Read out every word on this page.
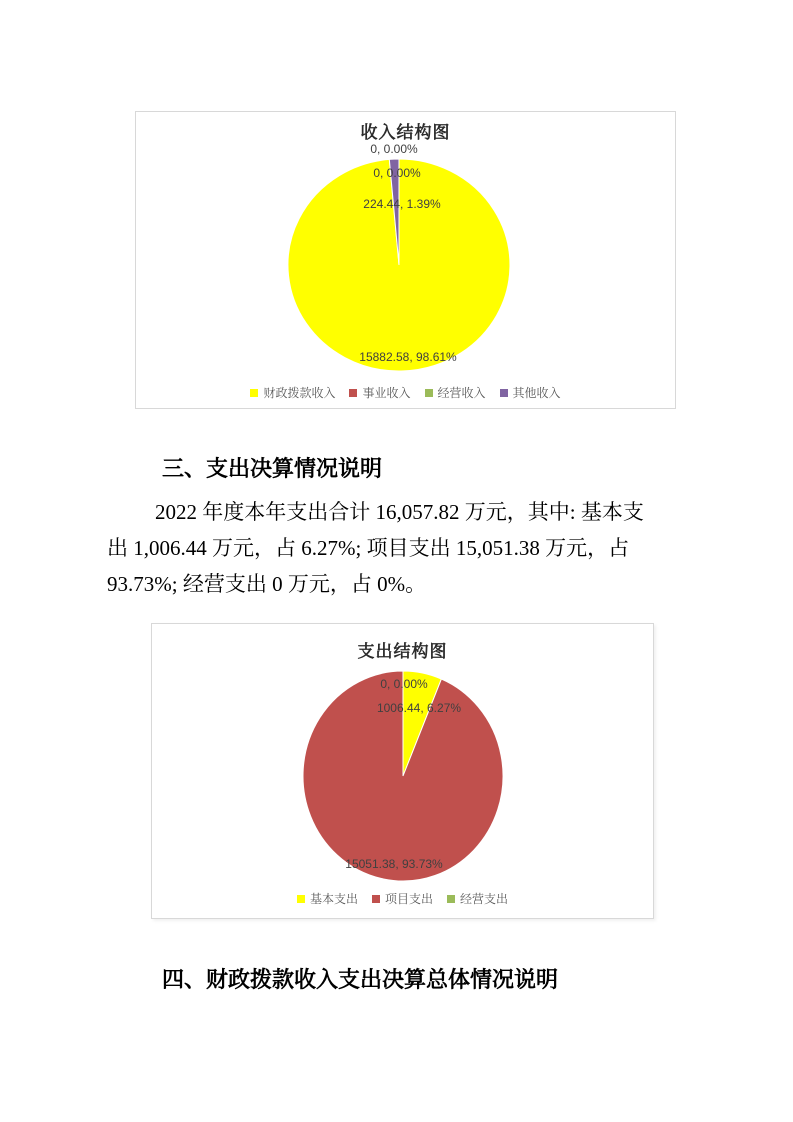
收入结构图
0, 0.00%
0, 0.00%
224.44, 1.39%
15882.58, 98.61%
财政拨款收入 事业收入 经营收入 其他收入
三、支出决算情况说明
2022 年度本年支出合计 16,057.82 万元，其中: 基本支
出 1,006.44 万元，占 6.27%; 项目支出 15,051.38 万元，占
93.73%; 经营支出 0 万元，占 0%。
支出结构图
0, 0.00%
1006.44, 6.27%
15051.38, 93.73%
基本支出 项目支出 经营支出
四、财政拨款收入支出决算总体情况说明
